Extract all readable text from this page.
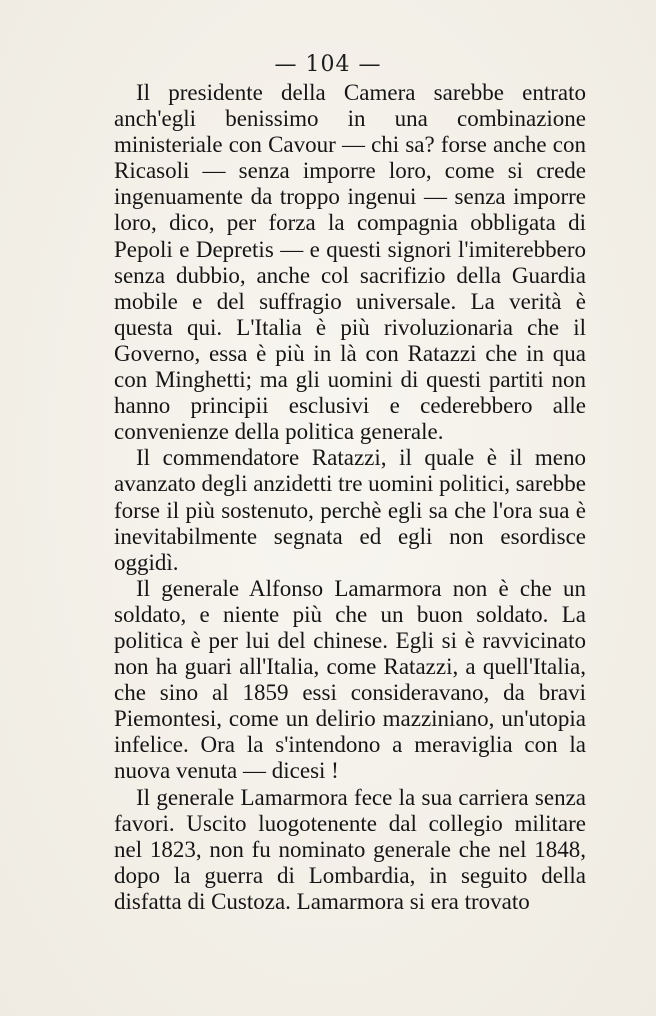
— 104 —

Il presidente della Camera sarebbe entrato anch'egli benissimo in una combinazione ministeriale con Cavour — chi sa? forse anche con Ricasoli — senza imporre loro, come si crede ingenuamente da troppo ingenui — senza imporre loro, dico, per forza la compagnia obbligata di Pepoli e Depretis — e questi signori l'imiterebbero senza dubbio, anche col sacrifizio della Guardia mobile e del suffragio universale. La verità è questa qui. L'Italia è più rivoluzionaria che il Governo, essa è più in là con Ratazzi che in qua con Minghetti; ma gli uomini di questi partiti non hanno principii esclusivi e cederebbero alle convenienze della politica generale.

Il commendatore Ratazzi, il quale è il meno avanzato degli anzidetti tre uomini politici, sarebbe forse il più sostenuto, perchè egli sa che l'ora sua è inevitabilmente segnata ed egli non esordisce oggidì.

Il generale Alfonso Lamarmora non è che un soldato, e niente più che un buon soldato. La politica è per lui del chinese. Egli si è ravvicinato non ha guari all'Italia, come Ratazzi, a quell'Italia, che sino al 1859 essi consideravano, da bravi Piemontesi, come un delirio mazziniano, un'utopia infelice. Ora la s'intendono a meraviglia con la nuova venuta — dicesi !

Il generale Lamarmora fece la sua carriera senza favori. Uscito luogotenente dal collegio militare nel 1823, non fu nominato generale che nel 1848, dopo la guerra di Lombardia, in seguito della disfatta di Custoza. Lamarmora si era trovato
